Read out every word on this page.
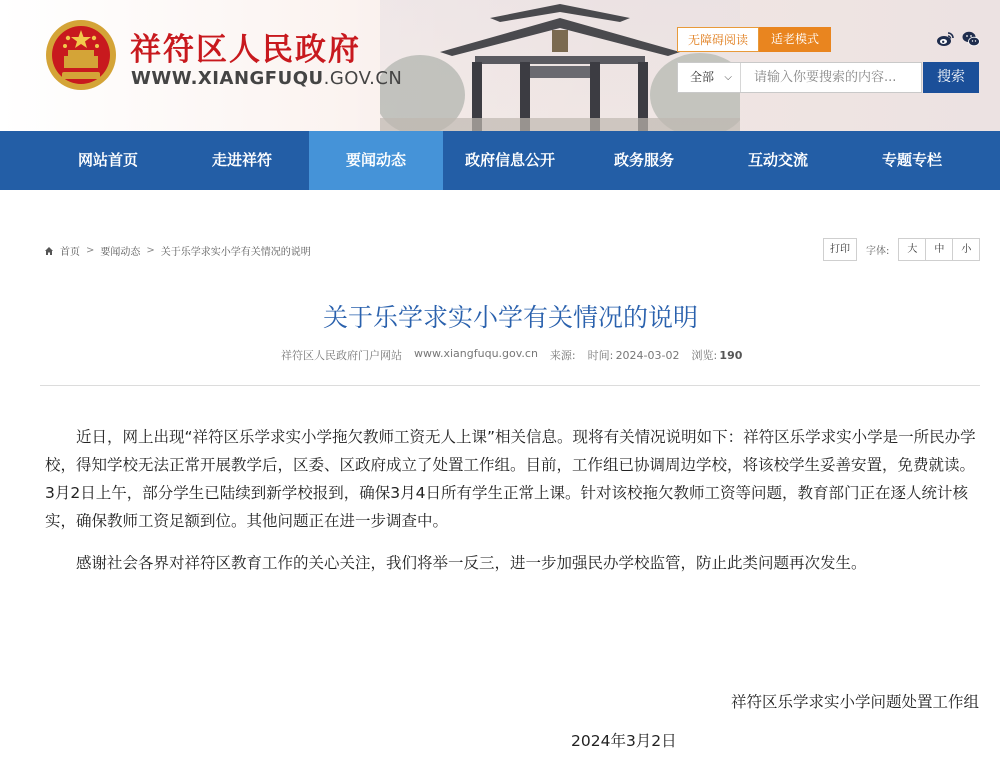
祥符区人民政府
WWW.XIANGFUQU.GOV.CN
无障碍阅读	适老模式
全部 ⌵
请输入你要搜索的内容...	搜索
网站首页	走进祥符	要闻动态	政府信息公开	政务服务	互动交流	专题专栏
首页 > 要闻动态 > 关于乐学求实小学有关情况的说明	打印	字体:	大	中	小
关于乐学求实小学有关情况的说明
祥符区人民政府门户网站 www.xiangfuqu.gov.cn 来源: 时间:  2024-03-02 浏览:  190

近日，网上出现“祥符区乐学求实小学拖欠教师工资无人上课”相关信息。现将有关情况说明如下：祥符区乐学求实小学是一所民办学校，得知学校无法正常开展教学后，区委、区政府成立了处置工作组。目前，工作组已协调周边学校，将该校学生妥善安置，免费就读。3月2日上午，部分学生已陆续到新学校报到，确保3月4日所有学生正常上课。针对该校拖欠教师工资等问题，教育部门正在逐人统计核实，确保教师工资足额到位。其他问题正在进一步调查中。

感谢社会各界对祥符区教育工作的关心关注，我们将举一反三，进一步加强民办学校监管，防止此类问题再次发生。

祥符区乐学求实小学问题处置工作组
2024年3月2日
